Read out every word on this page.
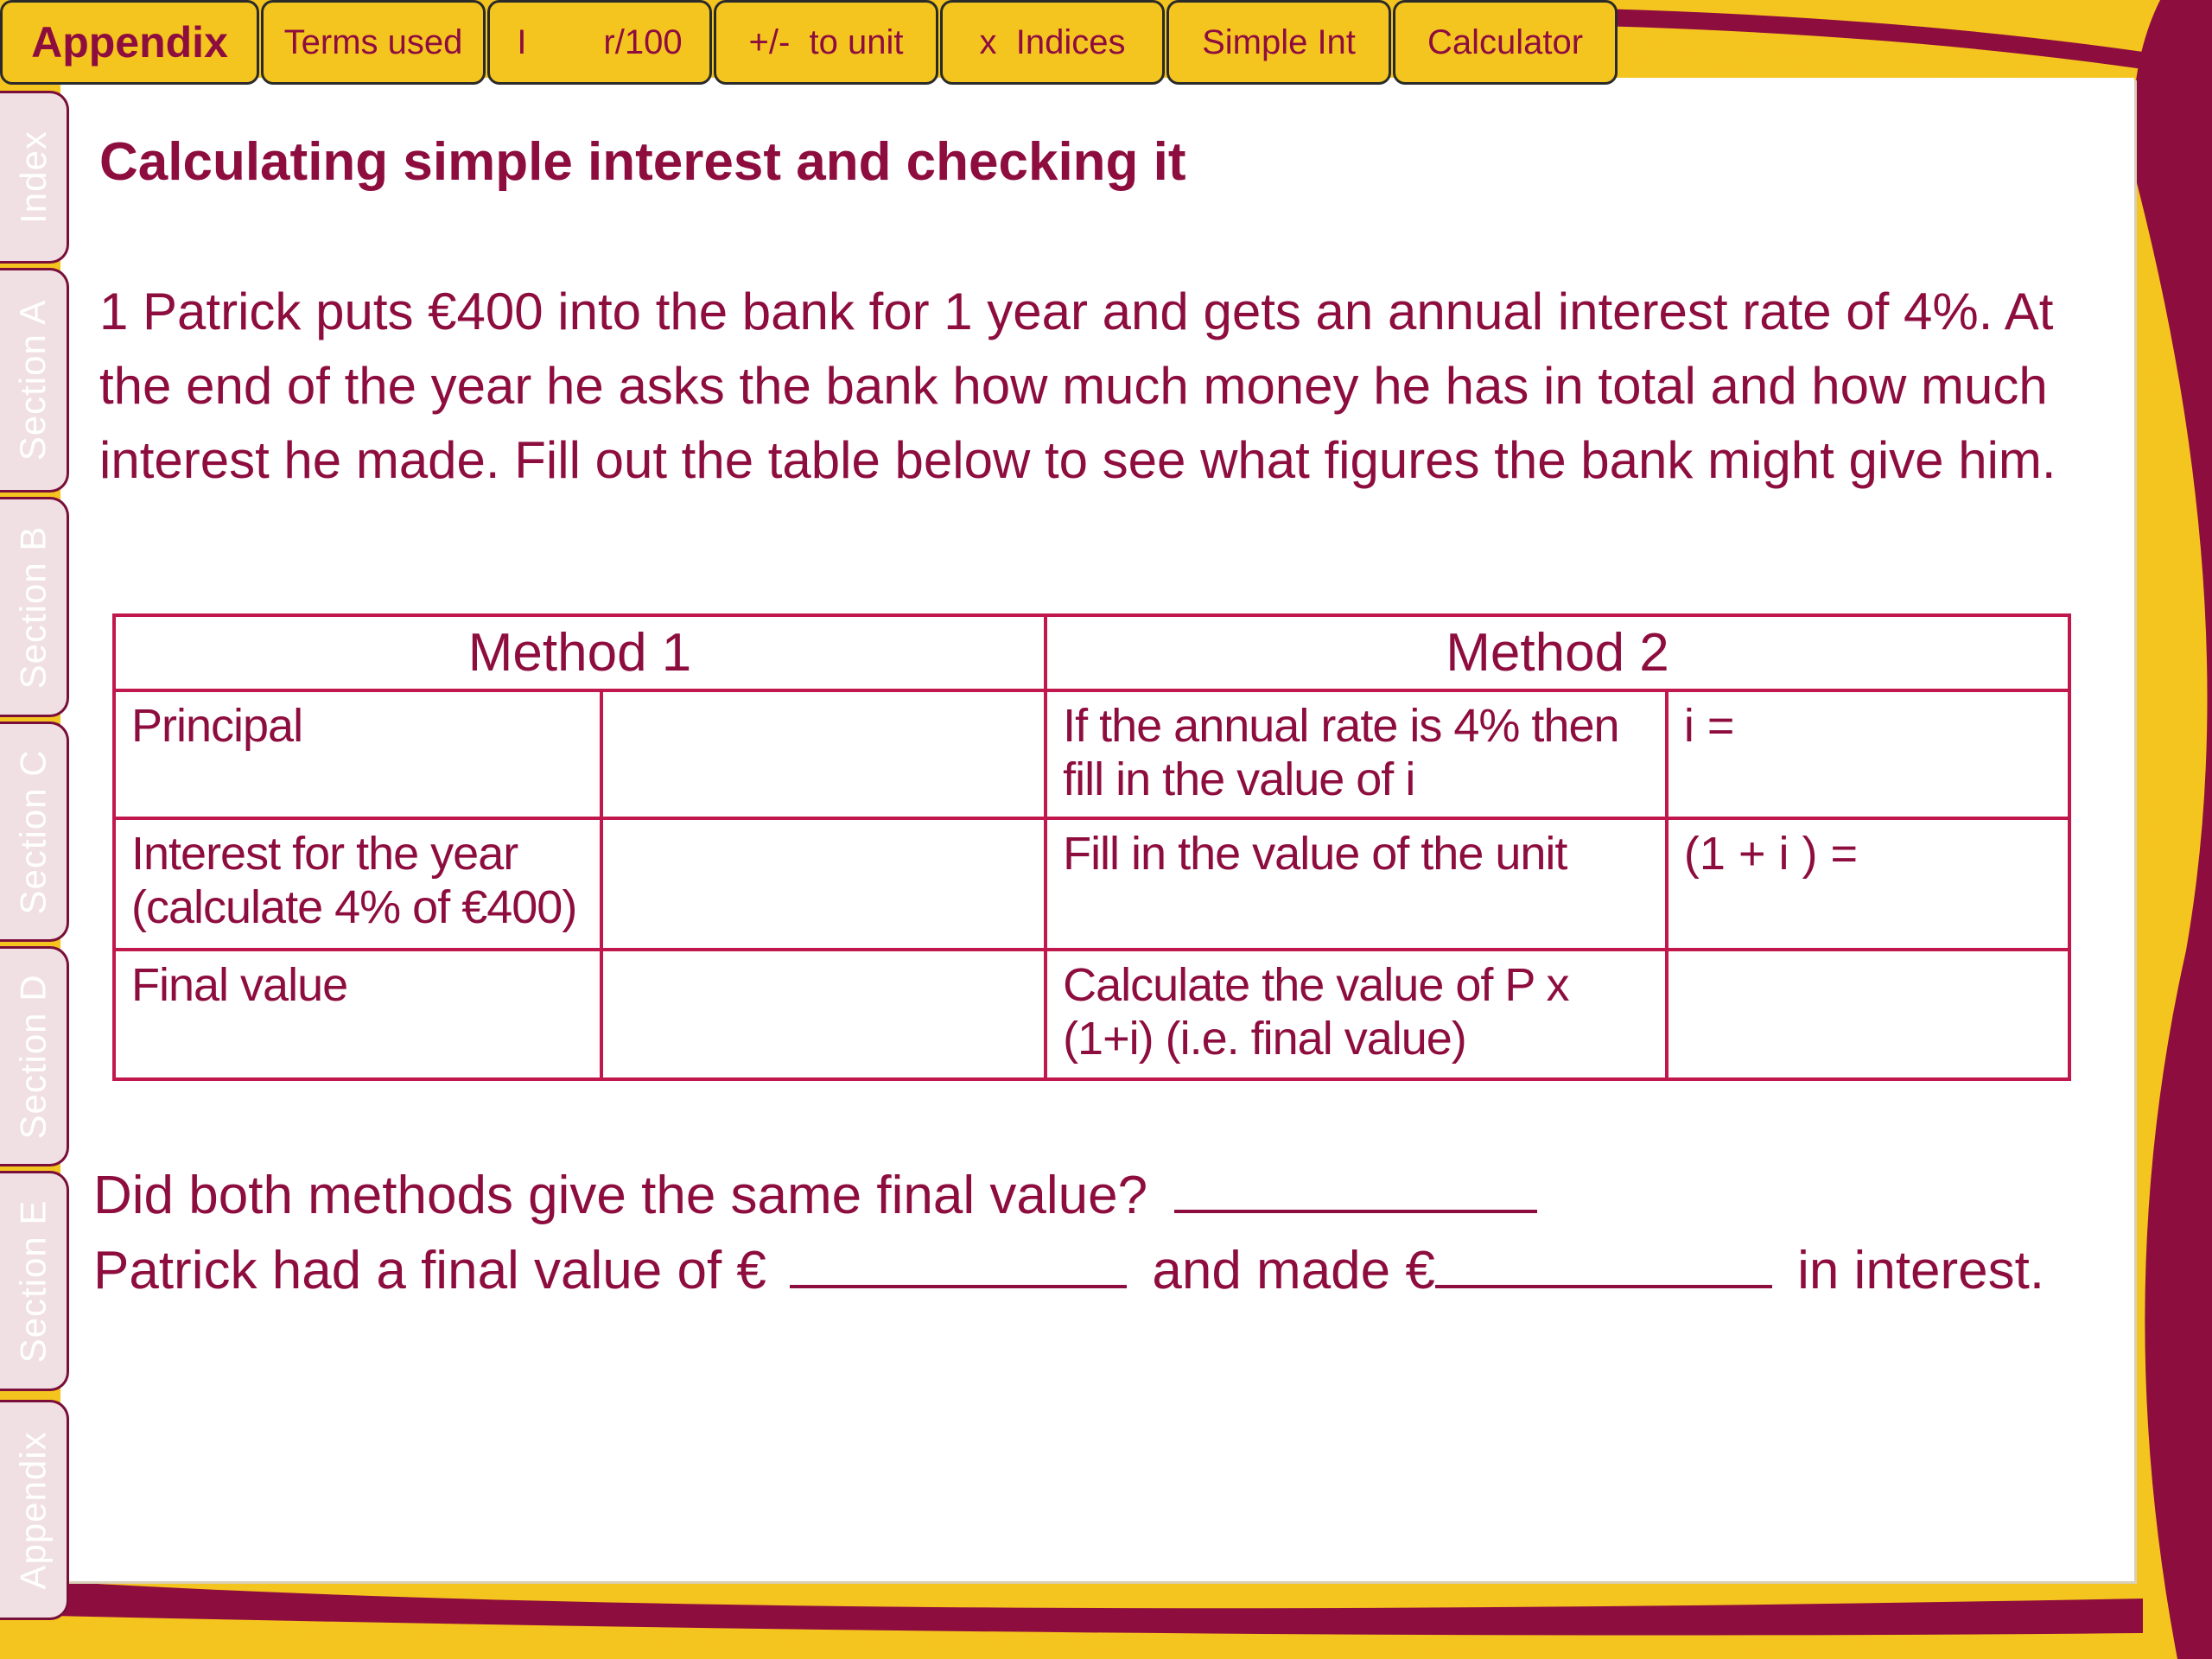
Appendix	Terms used	I        r/100	+/-  to unit	x  Indices	Simple Int	Calculator
Index
Section A
Section B
Section C
Section D
Section E
Appendix
Calculating simple interest and checking it
1 Patrick puts €400 into the bank for 1 year and gets an annual interest rate of 4%. At the end of the year he asks the bank how much money he has in total and how much interest he made. Fill out the table below to see what figures the bank might give him.
Method 1		Method 2	
Principal		If the annual rate is 4% then fill in the value of i	i =
Interest for the year (calculate 4% of €400)		Fill in the value of the unit	(1 + i ) =
Final value		Calculate the value of P x (1+i) (i.e. final value)	
Did both methods give the same final value?
Patrick had a final value of €	and made €	in interest.
